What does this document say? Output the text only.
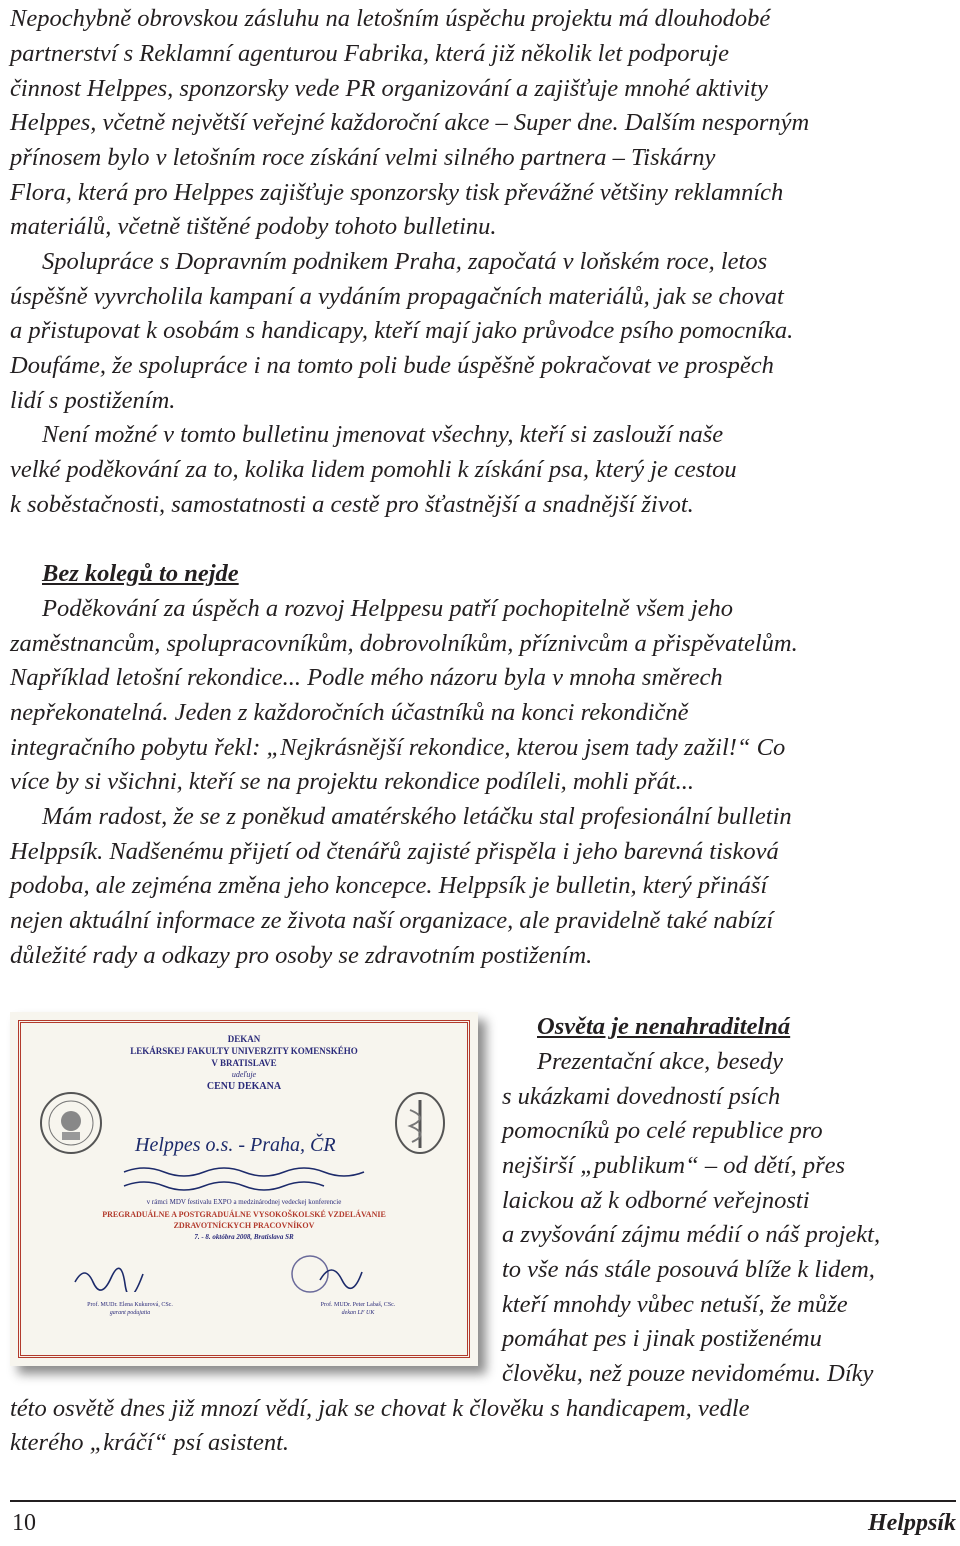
Nepochybně obrovskou zásluhu na letošním úspěchu projektu má dlouhodobé
partnerství s Reklamní agenturou Fabrika, která již několik let podporuje
činnost Helppes, sponzorsky vede PR organizování a zajišťuje mnohé aktivity
Helppes, včetně největší veřejné každoroční akce – Super dne. Dalším nesporným
přínosem bylo v letošním roce získání velmi silného partnera – Tiskárny
Flora, která pro Helppes zajišťuje sponzorsky tisk převážné většiny reklamních
materiálů, včetně tištěné podoby tohoto bulletinu.
Spolupráce s Dopravním podnikem Praha, započatá v loňském roce, letos
úspěšně vyvrcholila kampaní a vydáním propagačních materiálů, jak se chovat
a přistupovat k osobám s handicapy, kteří mají jako průvodce psího pomocníka.
Doufáme, že spolupráce i na tomto poli bude úspěšně pokračovat ve prospěch
lidí s postižením.
Není možné v tomto bulletinu jmenovat všechny, kteří si zaslouží naše
velké poděkování za to, kolika lidem pomohli k získání psa, který je cestou
k soběstačnosti, samostatnosti a cestě pro šťastnější a snadnější život.
Bez kolegů to nejde
Poděkování za úspěch a rozvoj Helppesu patří pochopitelně všem jeho
zaměstnancům, spolupracovníkům, dobrovolníkům, příznivcům a přispěvatelům.
Například letošní rekondice... Podle mého názoru byla v mnoha směrech
nepřekonatelná. Jeden z každoročních účastníků na konci rekondičně
integračního pobytu řekl: „Nejkrásnější rekondice, kterou jsem tady zažil!“ Co
více by si všichni, kteří se na projektu rekondice podíleli, mohli přát...
Mám radost, že se z poněkud amatérského letáčku stal profesionální bulletin
Helppsík. Nadšenému přijetí od čtenářů zajisté přispěla i jeho barevná tisková
podoba, ale zejména změna jeho koncepce. Helppsík je bulletin, který přináší
nejen aktuální informace ze života naší organizace, ale pravidelně také nabízí
důležité rady a odkazy pro osoby se zdravotním postižením.
Osvěta je nenahraditelná
Prezentační akce, besedy
s ukázkami dovedností psích
pomocníků po celé republice pro
nejširší „publikum“ – od dětí, přes
laickou až k odborné veřejnosti
a zvyšování zájmu médií o náš projekt,
to vše nás stále posouvá blíže k lidem,
kteří mnohdy vůbec netuší, že může
pomáhat pes i jinak postiženému
člověku, než pouze nevidomému. Díky
této osvětě dnes již mnozí vědí, jak se chovat k člověku s handicapem, vedle
kterého „kráčí“ psí asistent.
DEKAN
LEKÁRSKEJ FAKULTY UNIVERZITY KOMENSKÉHO
V BRATISLAVE
udeľuje
CENU DEKANA
Helppes o.s. - Praha, ČR
v rámci MDV festivalu EXPO a medzinárodnej vedeckej konferencie
PREGRADUÁLNE A POSTGRADUÁLNE VYSOKOŠKOLSKÉ VZDELÁVANIE
ZDRAVOTNÍCKYCH PRACOVNÍKOV
7. - 8. októbra 2008, Bratislava SR
Prof. MUDr. Elena Kukurová, CSc.
garant podujatia
Prof. MUDr. Peter Labaš, CSc.
dekan LF UK
10	Helppsík
